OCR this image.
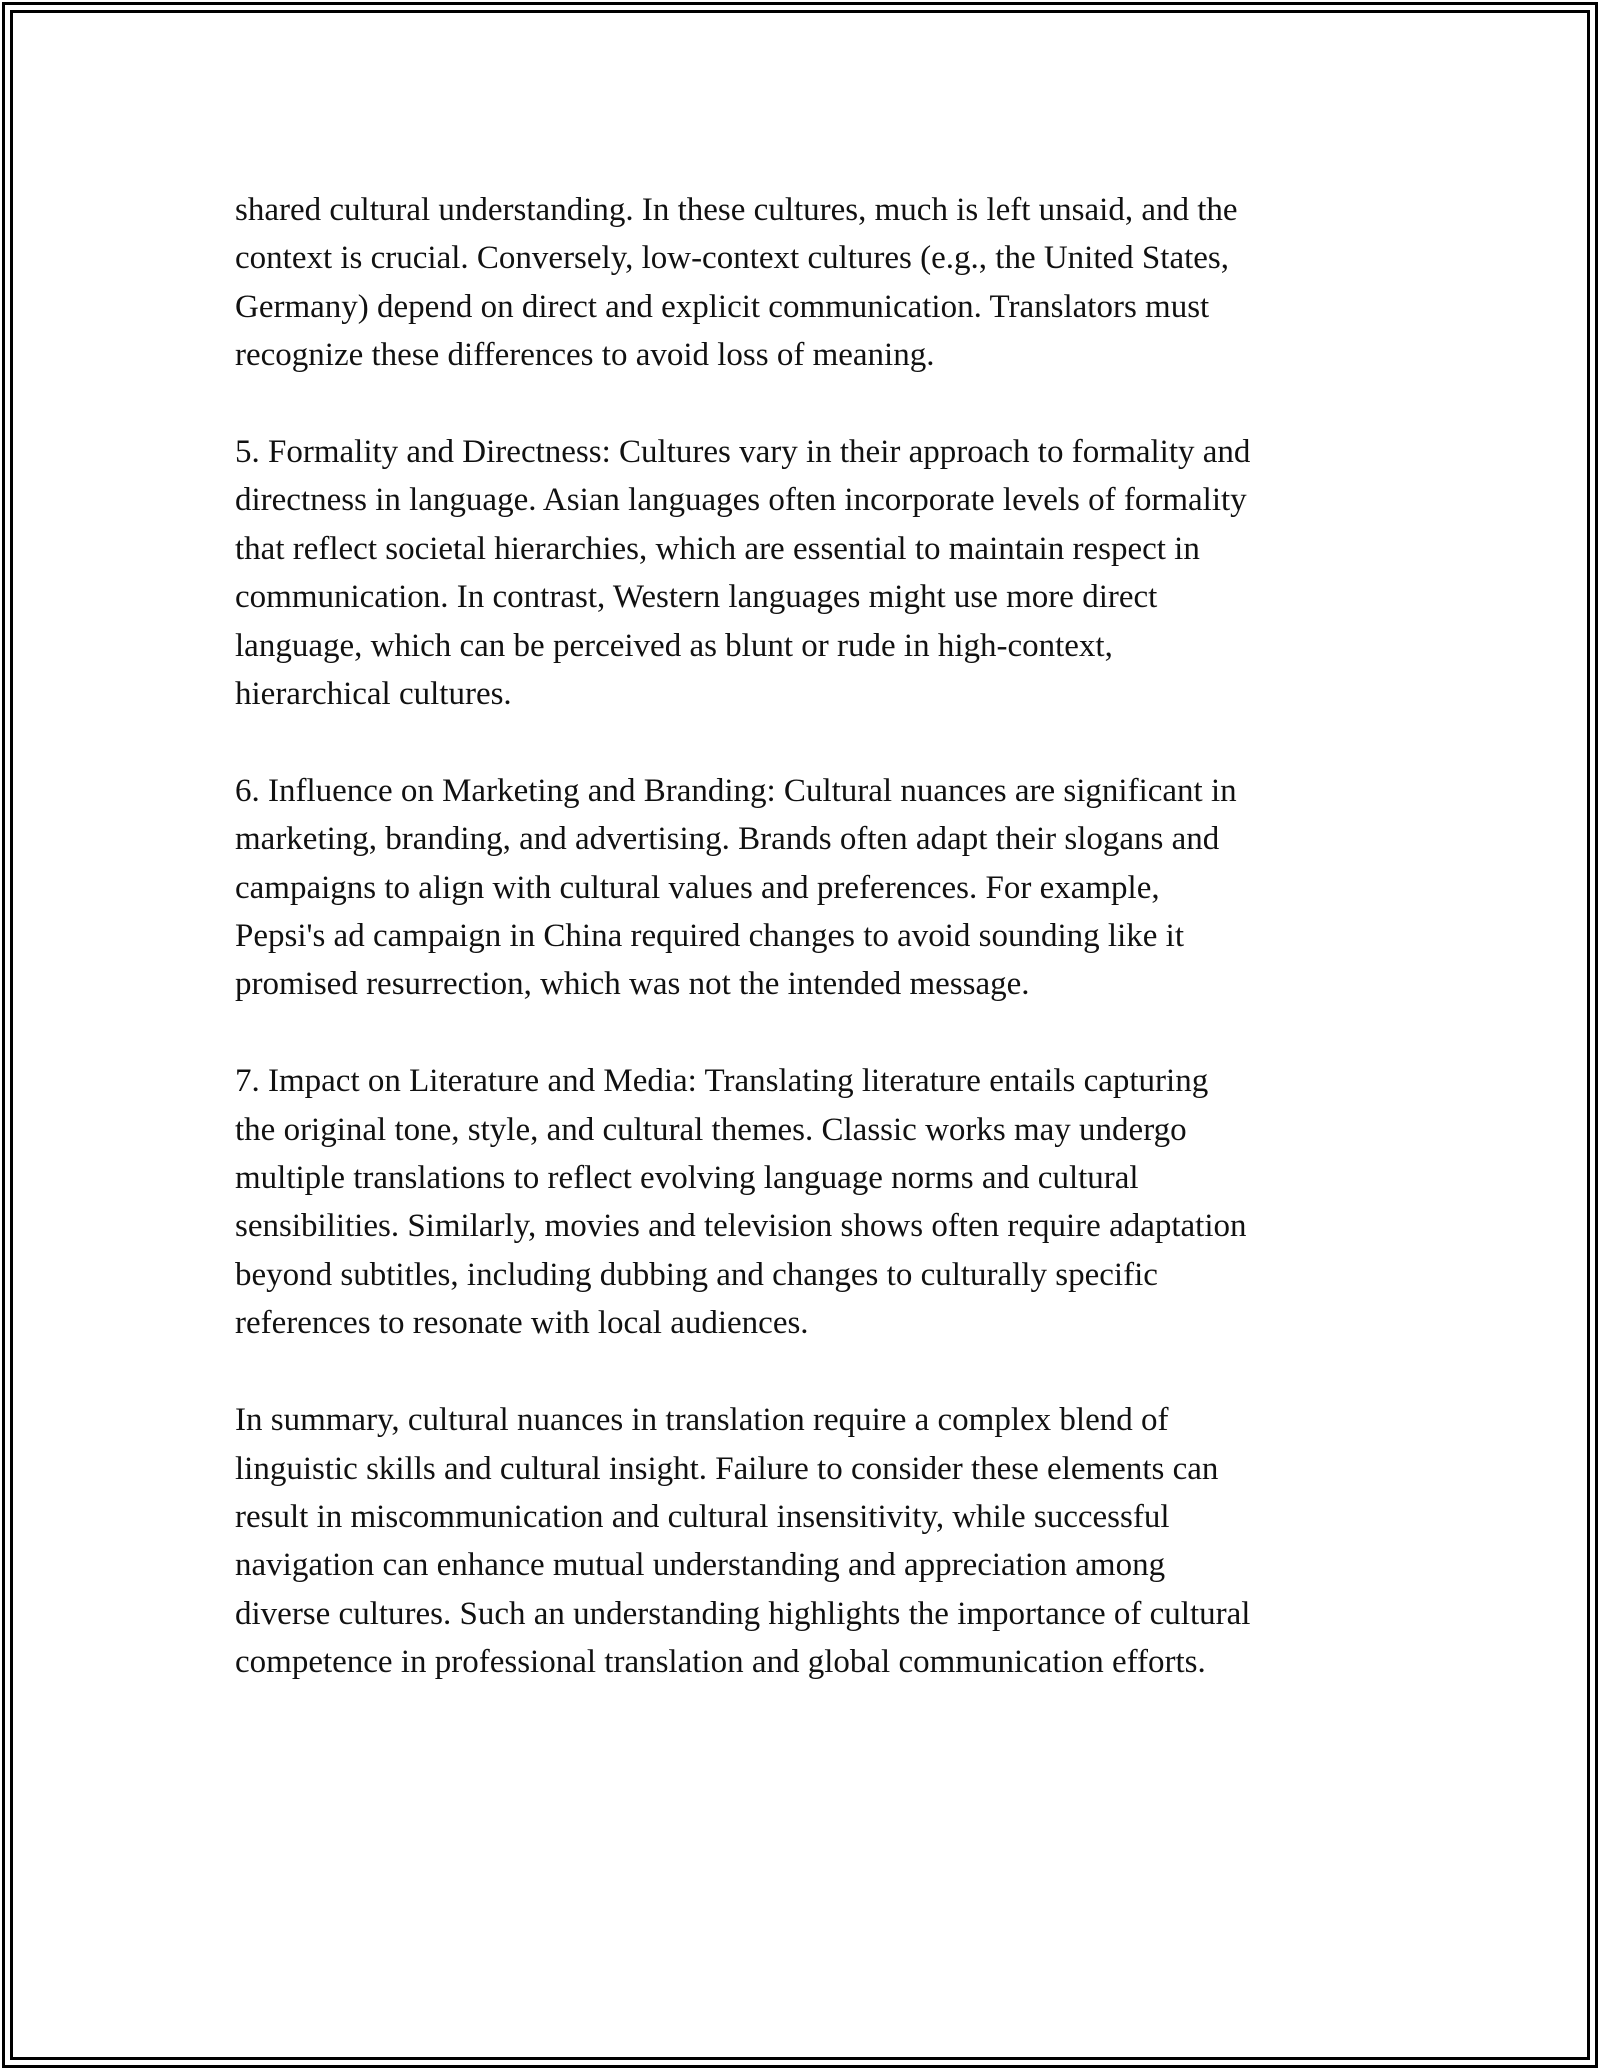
shared cultural understanding. In these cultures, much is left unsaid, and the
context is crucial. Conversely, low-context cultures (e.g., the United States,
Germany) depend on direct and explicit communication. Translators must
recognize these differences to avoid loss of meaning.

5. Formality and Directness: Cultures vary in their approach to formality and
directness in language. Asian languages often incorporate levels of formality
that reflect societal hierarchies, which are essential to maintain respect in
communication. In contrast, Western languages might use more direct
language, which can be perceived as blunt or rude in high-context,
hierarchical cultures.

6. Influence on Marketing and Branding: Cultural nuances are significant in
marketing, branding, and advertising. Brands often adapt their slogans and
campaigns to align with cultural values and preferences. For example,
Pepsi's ad campaign in China required changes to avoid sounding like it
promised resurrection, which was not the intended message.

7. Impact on Literature and Media: Translating literature entails capturing
the original tone, style, and cultural themes. Classic works may undergo
multiple translations to reflect evolving language norms and cultural
sensibilities. Similarly, movies and television shows often require adaptation
beyond subtitles, including dubbing and changes to culturally specific
references to resonate with local audiences.

In summary, cultural nuances in translation require a complex blend of
linguistic skills and cultural insight. Failure to consider these elements can
result in miscommunication and cultural insensitivity, while successful
navigation can enhance mutual understanding and appreciation among
diverse cultures. Such an understanding highlights the importance of cultural
competence in professional translation and global communication efforts.
